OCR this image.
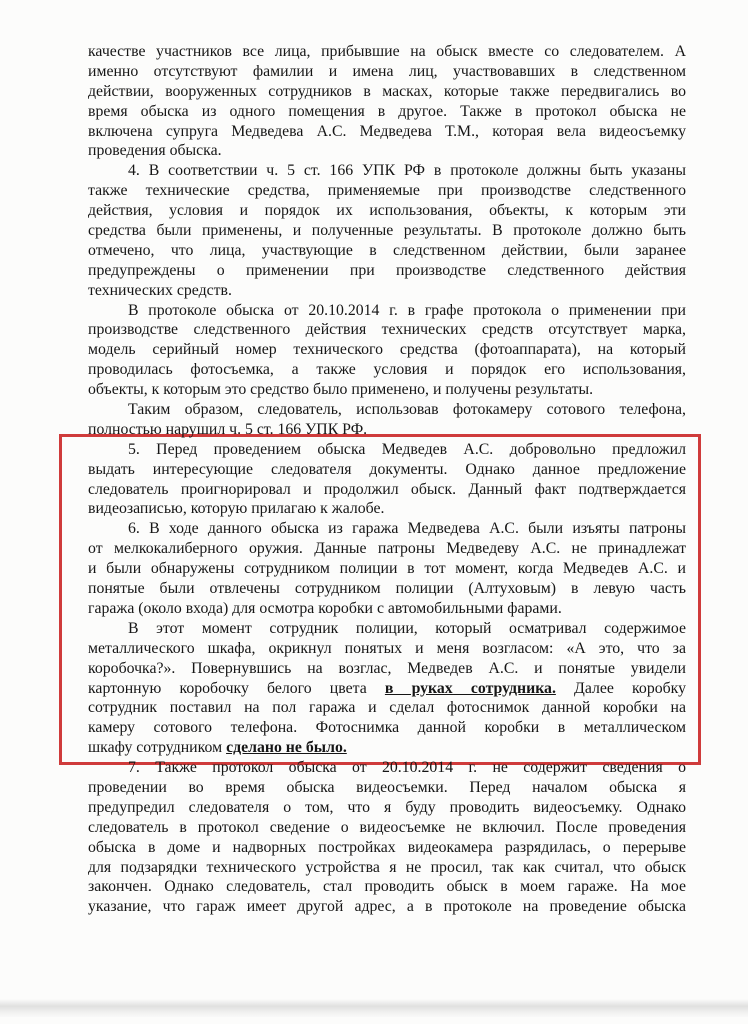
качестве участников все лица, прибывшие на обыск вместе со следователем. А
именно отсутствуют фамилии и имена лиц, участвовавших в следственном
действии, вооруженных сотрудников в масках, которые также передвигались во
время обыска из одного помещения в другое. Также в протокол обыска не
включена супруга Медведева А.С. Медведева Т.М., которая вела видеосъемку
проведения обыска.

4. В соответствии ч. 5 ст. 166 УПК РФ в протоколе должны быть указаны
также технические средства, применяемые при производстве следственного
действия, условия и порядок их использования, объекты, к которым эти
средства были применены, и полученные результаты. В протоколе должно быть
отмечено, что лица, участвующие в следственном действии, были заранее
предупреждены о применении при производстве следственного действия
технических средств.

В протоколе обыска от 20.10.2014 г. в графе протокола о применении при
производстве следственного действия технических средств отсутствует марка,
модель серийный номер технического средства (фотоаппарата), на который
проводилась фотосъемка, а также условия и порядок его использования,
объекты, к которым это средство было применено, и получены результаты.

Таким образом, следователь, использовав фотокамеру сотового телефона,
полностью нарушил ч. 5 ст. 166 УПК РФ.

5. Перед проведением обыска Медведев А.С. добровольно предложил
выдать интересующие следователя документы. Однако данное предложение
следователь проигнорировал и продолжил обыск. Данный факт подтверждается
видеозаписью, которую прилагаю к жалобе.

6. В ходе данного обыска из гаража Медведева А.С. были изъяты патроны
от мелкокалиберного оружия. Данные патроны Медведеву А.С. не принадлежат
и были обнаружены сотрудником полиции в тот момент, когда Медведев А.С. и
понятые были отвлечены сотрудником полиции (Алтуховым) в левую часть
гаража (около входа) для осмотра коробки с автомобильными фарами.

В этот момент сотрудник полиции, который осматривал содержимое
металлического шкафа, окрикнул понятых и меня возгласом: «А это, что за
коробочка?». Повернувшись на возглас, Медведев А.С. и понятые увидели
картонную коробочку белого цвета в руках сотрудника. Далее коробку
сотрудник поставил на пол гаража и сделал фотоснимок данной коробки на
камеру сотового телефона. Фотоснимка данной коробки в металлическом
шкафу сотрудником сделано не было.

7. Также протокол обыска от 20.10.2014 г. не содержит сведения о
проведении во время обыска видеосъемки. Перед началом обыска я
предупредил следователя о том, что я буду проводить видеосъемку. Однако
следователь в протокол сведение о видеосъемке не включил. После проведения
обыска в доме и надворных постройках видеокамера разрядилась, о перерыве
для подзарядки технического устройства я не просил, так как считал, что обыск
закончен. Однако следователь, стал проводить обыск в моем гараже. На мое
указание, что гараж имеет другой адрес, а в протоколе на проведение обыска
